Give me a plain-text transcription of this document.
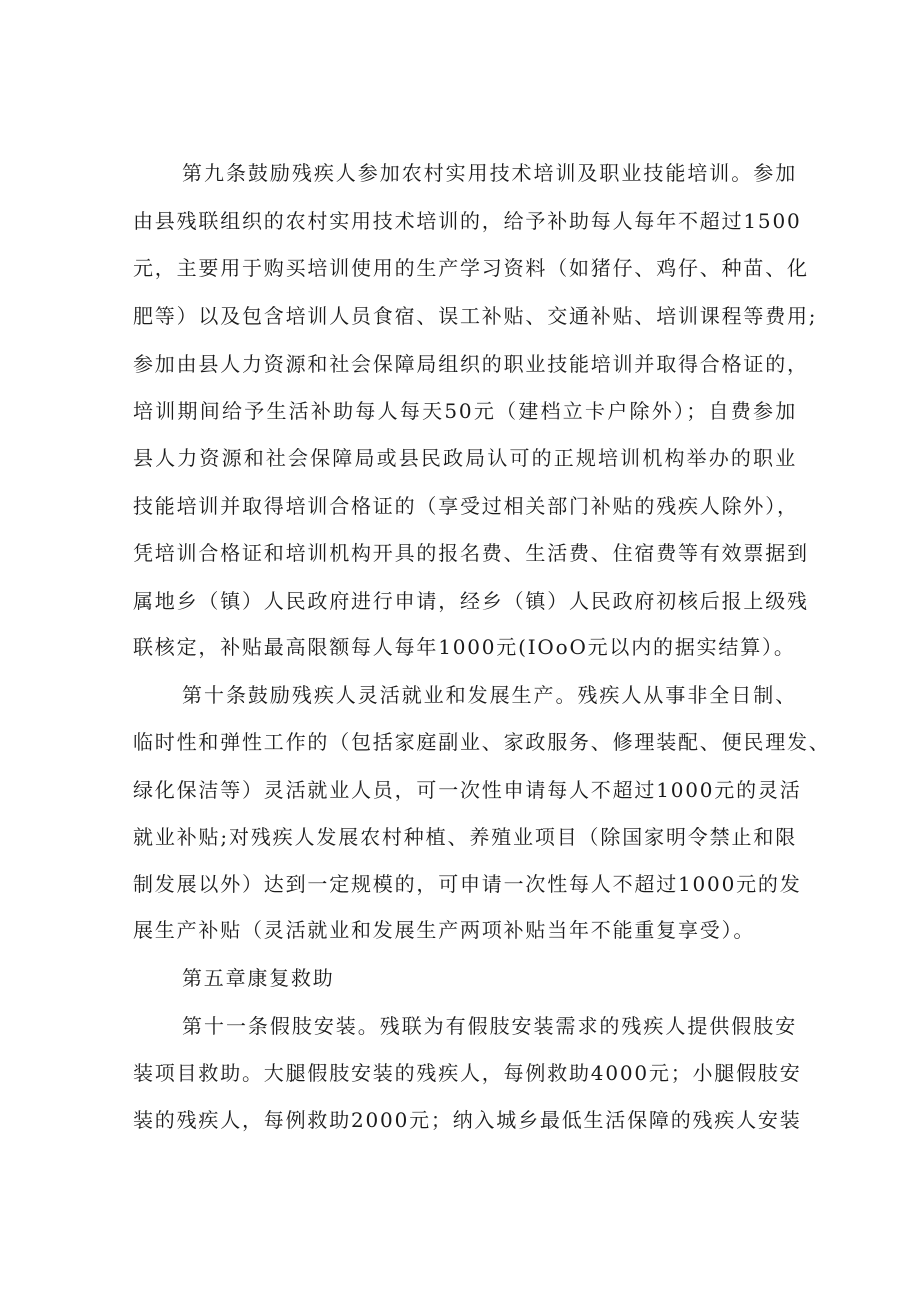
第九条鼓励残疾人参加农村实用技术培训及职业技能培训。参加
由县残联组织的农村实用技术培训的，给予补助每人每年不超过1500
元，主要用于购买培训使用的生产学习资料（如猪仔、鸡仔、种苗、化
肥等）以及包含培训人员食宿、误工补贴、交通补贴、培训课程等费用;
参加由县人力资源和社会保障局组织的职业技能培训并取得合格证的，
培训期间给予生活补助每人每天50元（建档立卡户除外）；自费参加
县人力资源和社会保障局或县民政局认可的正规培训机构举办的职业
技能培训并取得培训合格证的（享受过相关部门补贴的残疾人除外），
凭培训合格证和培训机构开具的报名费、生活费、住宿费等有效票据到
属地乡（镇）人民政府进行申请，经乡（镇）人民政府初核后报上级残
联核定，补贴最高限额每人每年1000元(IOoO元以内的据实结算）。
第十条鼓励残疾人灵活就业和发展生产。残疾人从事非全日制、
临时性和弹性工作的（包括家庭副业、家政服务、修理装配、便民理发、
绿化保洁等）灵活就业人员，可一次性申请每人不超过1000元的灵活
就业补贴;对残疾人发展农村种植、养殖业项目（除国家明令禁止和限
制发展以外）达到一定规模的，可申请一次性每人不超过1000元的发
展生产补贴（灵活就业和发展生产两项补贴当年不能重复享受）。
第五章康复救助
第十一条假肢安装。残联为有假肢安装需求的残疾人提供假肢安
装项目救助。大腿假肢安装的残疾人，每例救助4000元；小腿假肢安
装的残疾人，每例救助2000元；纳入城乡最低生活保障的残疾人安装
